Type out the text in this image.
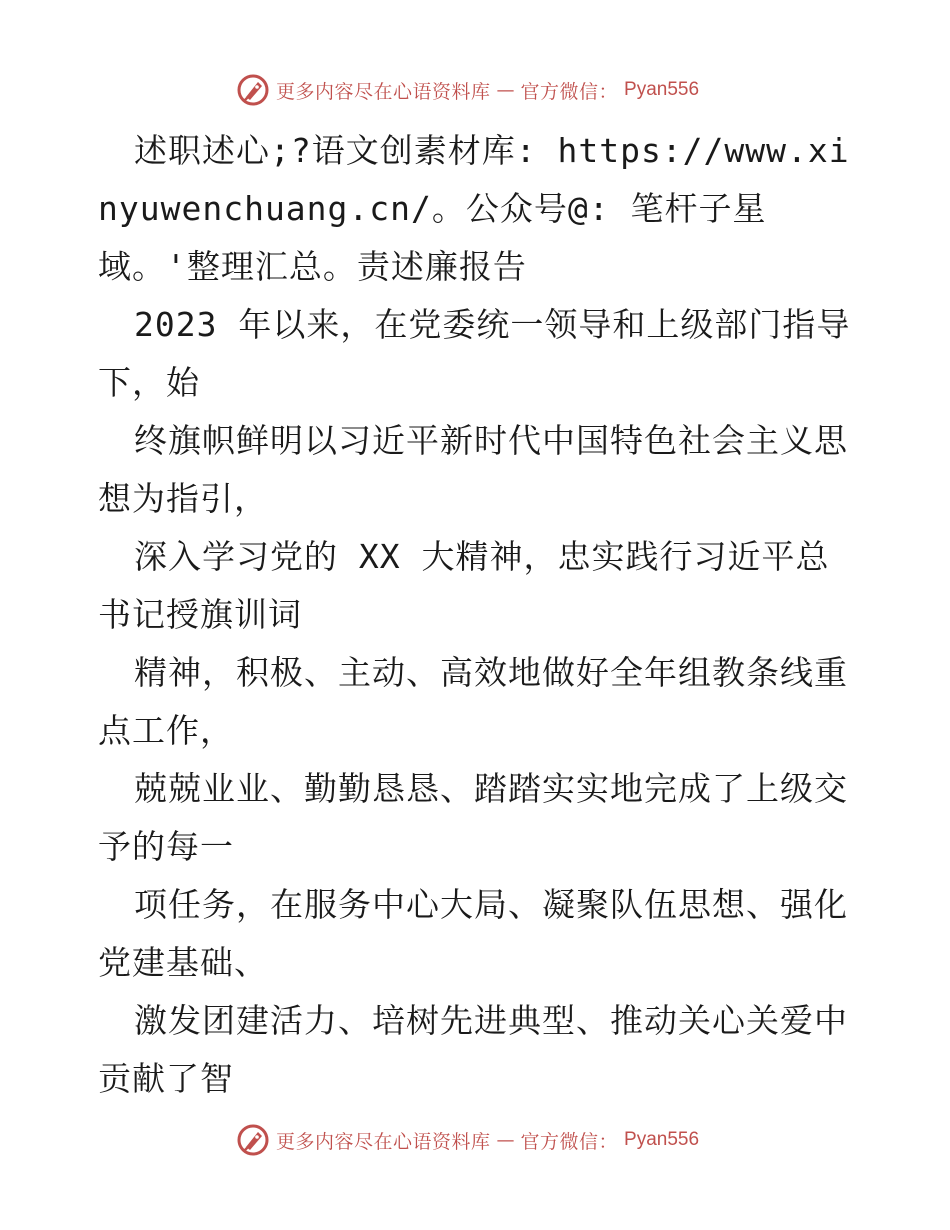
更多内容尽在心语资料库 — 官方微信： Pyan556

述职述心;?语文创素材库: https://www.xinyuwenchuang.cn/。公众号@: 笔杆子星域。'整理汇总。责述廉报告

2023 年以来，在党委统一领导和上级部门指导下，始

终旗帜鲜明以习近平新时代中国特色社会主义思想为指引，

深入学习党的 XX 大精神，忠实践行习近平总书记授旗训词

精神，积极、主动、高效地做好全年组教条线重点工作，

兢兢业业、勤勤恳恳、踏踏实实地完成了上级交予的每一

项任务，在服务中心大局、凝聚队伍思想、强化党建基础、

激发团建活力、培树先进典型、推动关心关爱中贡献了智

更多内容尽在心语资料库 — 官方微信： Pyan556
